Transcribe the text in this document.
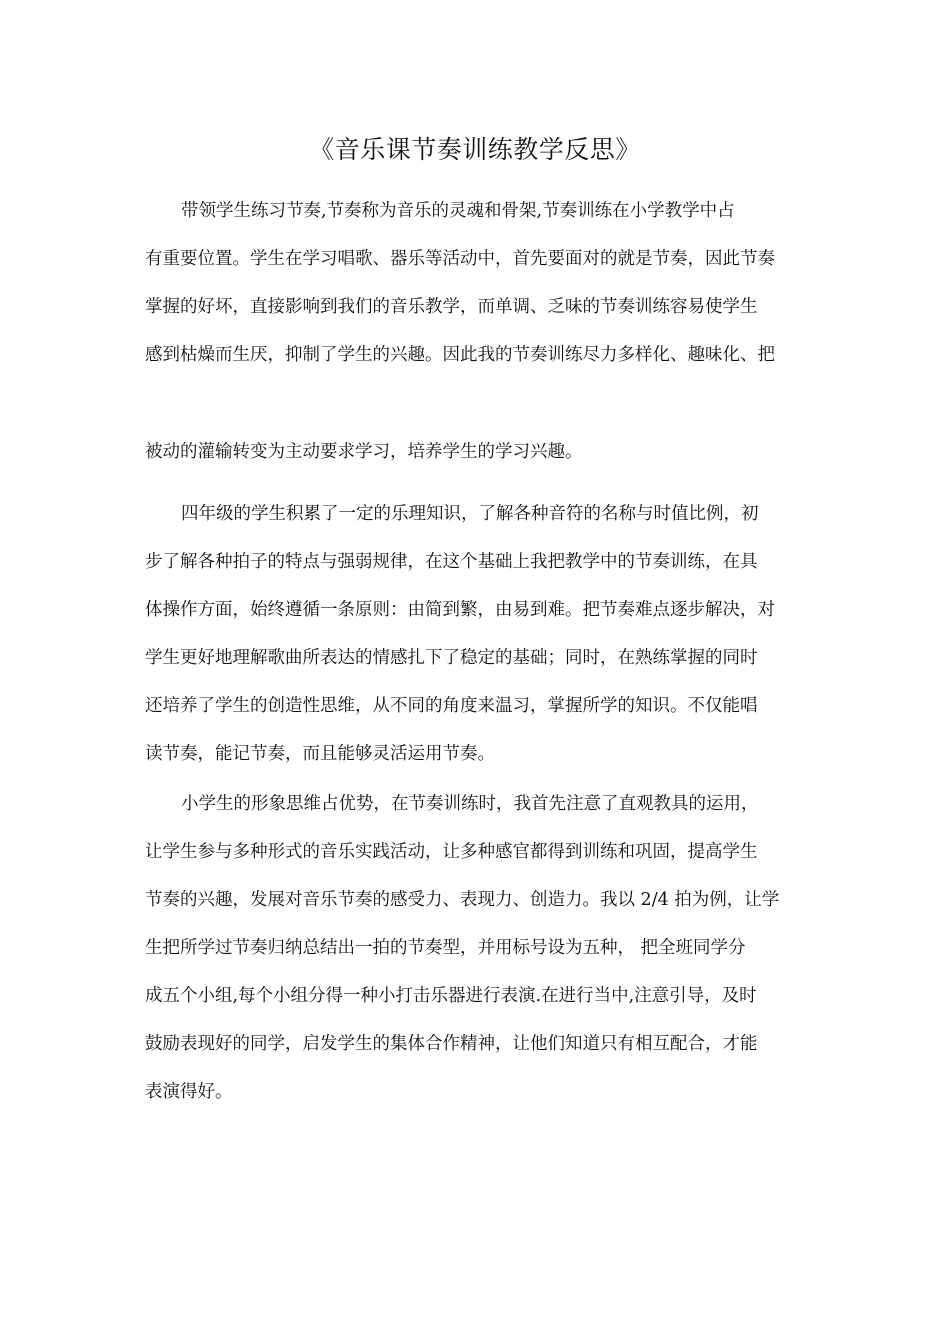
《音乐课节奏训练教学反思》
带领学生练习节奏,节奏称为音乐的灵魂和骨架,节奏训练在小学教学中占
有重要位置。学生在学习唱歌、器乐等活动中，首先要面对的就是节奏，因此节奏
掌握的好坏，直接影响到我们的音乐教学，而单调、乏味的节奏训练容易使学生
感到枯燥而生厌，抑制了学生的兴趣。因此我的节奏训练尽力多样化、趣味化、把
被动的灌输转变为主动要求学习，培养学生的学习兴趣。
四年级的学生积累了一定的乐理知识，了解各种音符的名称与时值比例，初
步了解各种拍子的特点与强弱规律，在这个基础上我把教学中的节奏训练，在具
体操作方面，始终遵循一条原则：由简到繁，由易到难。把节奏难点逐步解决，对
学生更好地理解歌曲所表达的情感扎下了稳定的基础；同时，在熟练掌握的同时
还培养了学生的创造性思维，从不同的角度来温习，掌握所学的知识。不仅能唱
读节奏，能记节奏，而且能够灵活运用节奏。
小学生的形象思维占优势，在节奏训练时，我首先注意了直观教具的运用，
让学生参与多种形式的音乐实践活动，让多种感官都得到训练和巩固，提高学生
节奏的兴趣，发展对音乐节奏的感受力、表现力、创造力。我以 2/4 拍为例，让学
生把所学过节奏归纳总结出一拍的节奏型，并用标号设为五种， 把全班同学分
成五个小组,每个小组分得一种小打击乐器进行表演.在进行当中,注意引导，及时
鼓励表现好的同学，启发学生的集体合作精神，让他们知道只有相互配合，才能
表演得好。
